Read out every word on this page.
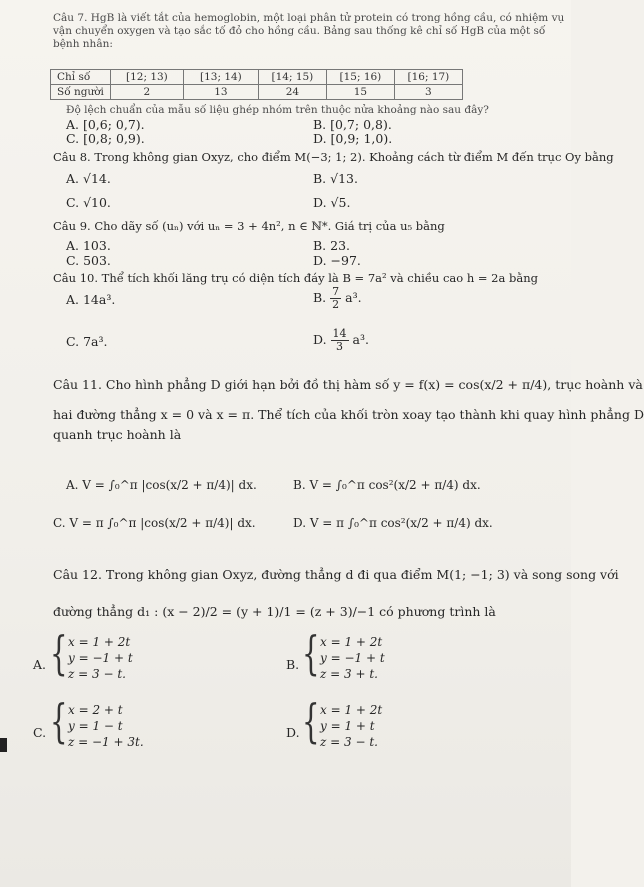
Câu 7. HgB là viết tắt của hemoglobin, một loại phân tử protein có trong hồng cầu, có nhiệm vụ
vận chuyển oxygen và tạo sắc tố đỏ cho hồng cầu. Bảng sau thống kê chỉ số HgB của một số
bệnh nhân:
Chỉ số	[12; 13)	[13; 14)	[14; 15)	[15; 16)	[16; 17)
Số người	2	13	24	15	3
Độ lệch chuẩn của mẫu số liệu ghép nhóm trên thuộc nửa khoảng nào sau đây?
A. [0,6; 0,7).	B. [0,7; 0,8).
C. [0,8; 0,9).	D. [0,9; 1,0).
Câu 8. Trong không gian Oxyz, cho điểm M(−3; 1; 2). Khoảng cách từ điểm M đến trục Oy bằng
A. √14.	B. √13.
C. √10.	D. √5.
Câu 9. Cho dãy số (uₙ) với uₙ = 3 + 4n², n ∈ ℕ*. Giá trị của u₅ bằng
A. 103.	B. 23.
C. 503.	D. −97.
Câu 10. Thể tích khối lăng trụ có diện tích đáy là B = 7a² và chiều cao h = 2a bằng
A. 14a³.	B. $\frac{7}{2} a^3$.
C. 7a³.	D. $\frac{14}{3} a^3$.
Câu 11. Cho hình phẳng D giới hạn bởi đồ thị hàm số y = f(x) = cos(x/2 + π/4), trục hoành và
hai đường thẳng x = 0 và x = π. Thể tích của khối tròn xoay tạo thành khi quay hình phẳng D
quanh trục hoành là
A. V = ∫₀^π |cos(x/2 + π/4)| dx.	B. V = ∫₀^π cos²(x/2 + π/4) dx.
C. V = π ∫₀^π |cos(x/2 + π/4)| dx.	D. V = π ∫₀^π cos²(x/2 + π/4) dx.
Câu 12. Trong không gian Oxyz, đường thẳng d đi qua điểm M(1; −1; 3) và song song với
đường thẳng d₁ : (x − 2)/2 = (y + 1)/1 = (z + 3)/−1 có phương trình là
A. { x = 1 + 2t
y = −1 + t
z = 3 − t.
B. { x = 1 + 2t
y = −1 + t
z = 3 + t.
C. { x = 2 + t
y = 1 − t
z = −1 + 3t.
D. { x = 1 + 2t
y = 1 + t
z = 3 − t.
